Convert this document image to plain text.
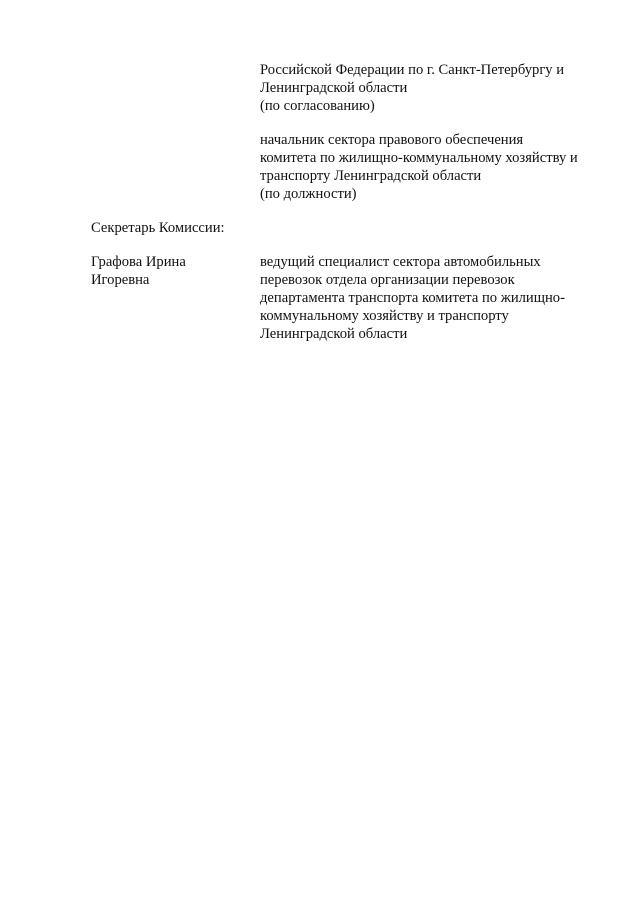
Российской Федерации по г. Санкт-Петербургу и
Ленинградской области
(по согласованию)
начальник сектора правового обеспечения
комитета по жилищно-коммунальному хозяйству и
транспорту Ленинградской области
(по должности)
Секретарь Комиссии:
Графова Ирина
Игоревна
ведущий специалист сектора автомобильных
перевозок отдела организации перевозок
департамента транспорта комитета по жилищно-
коммунальному хозяйству и транспорту
Ленинградской области
